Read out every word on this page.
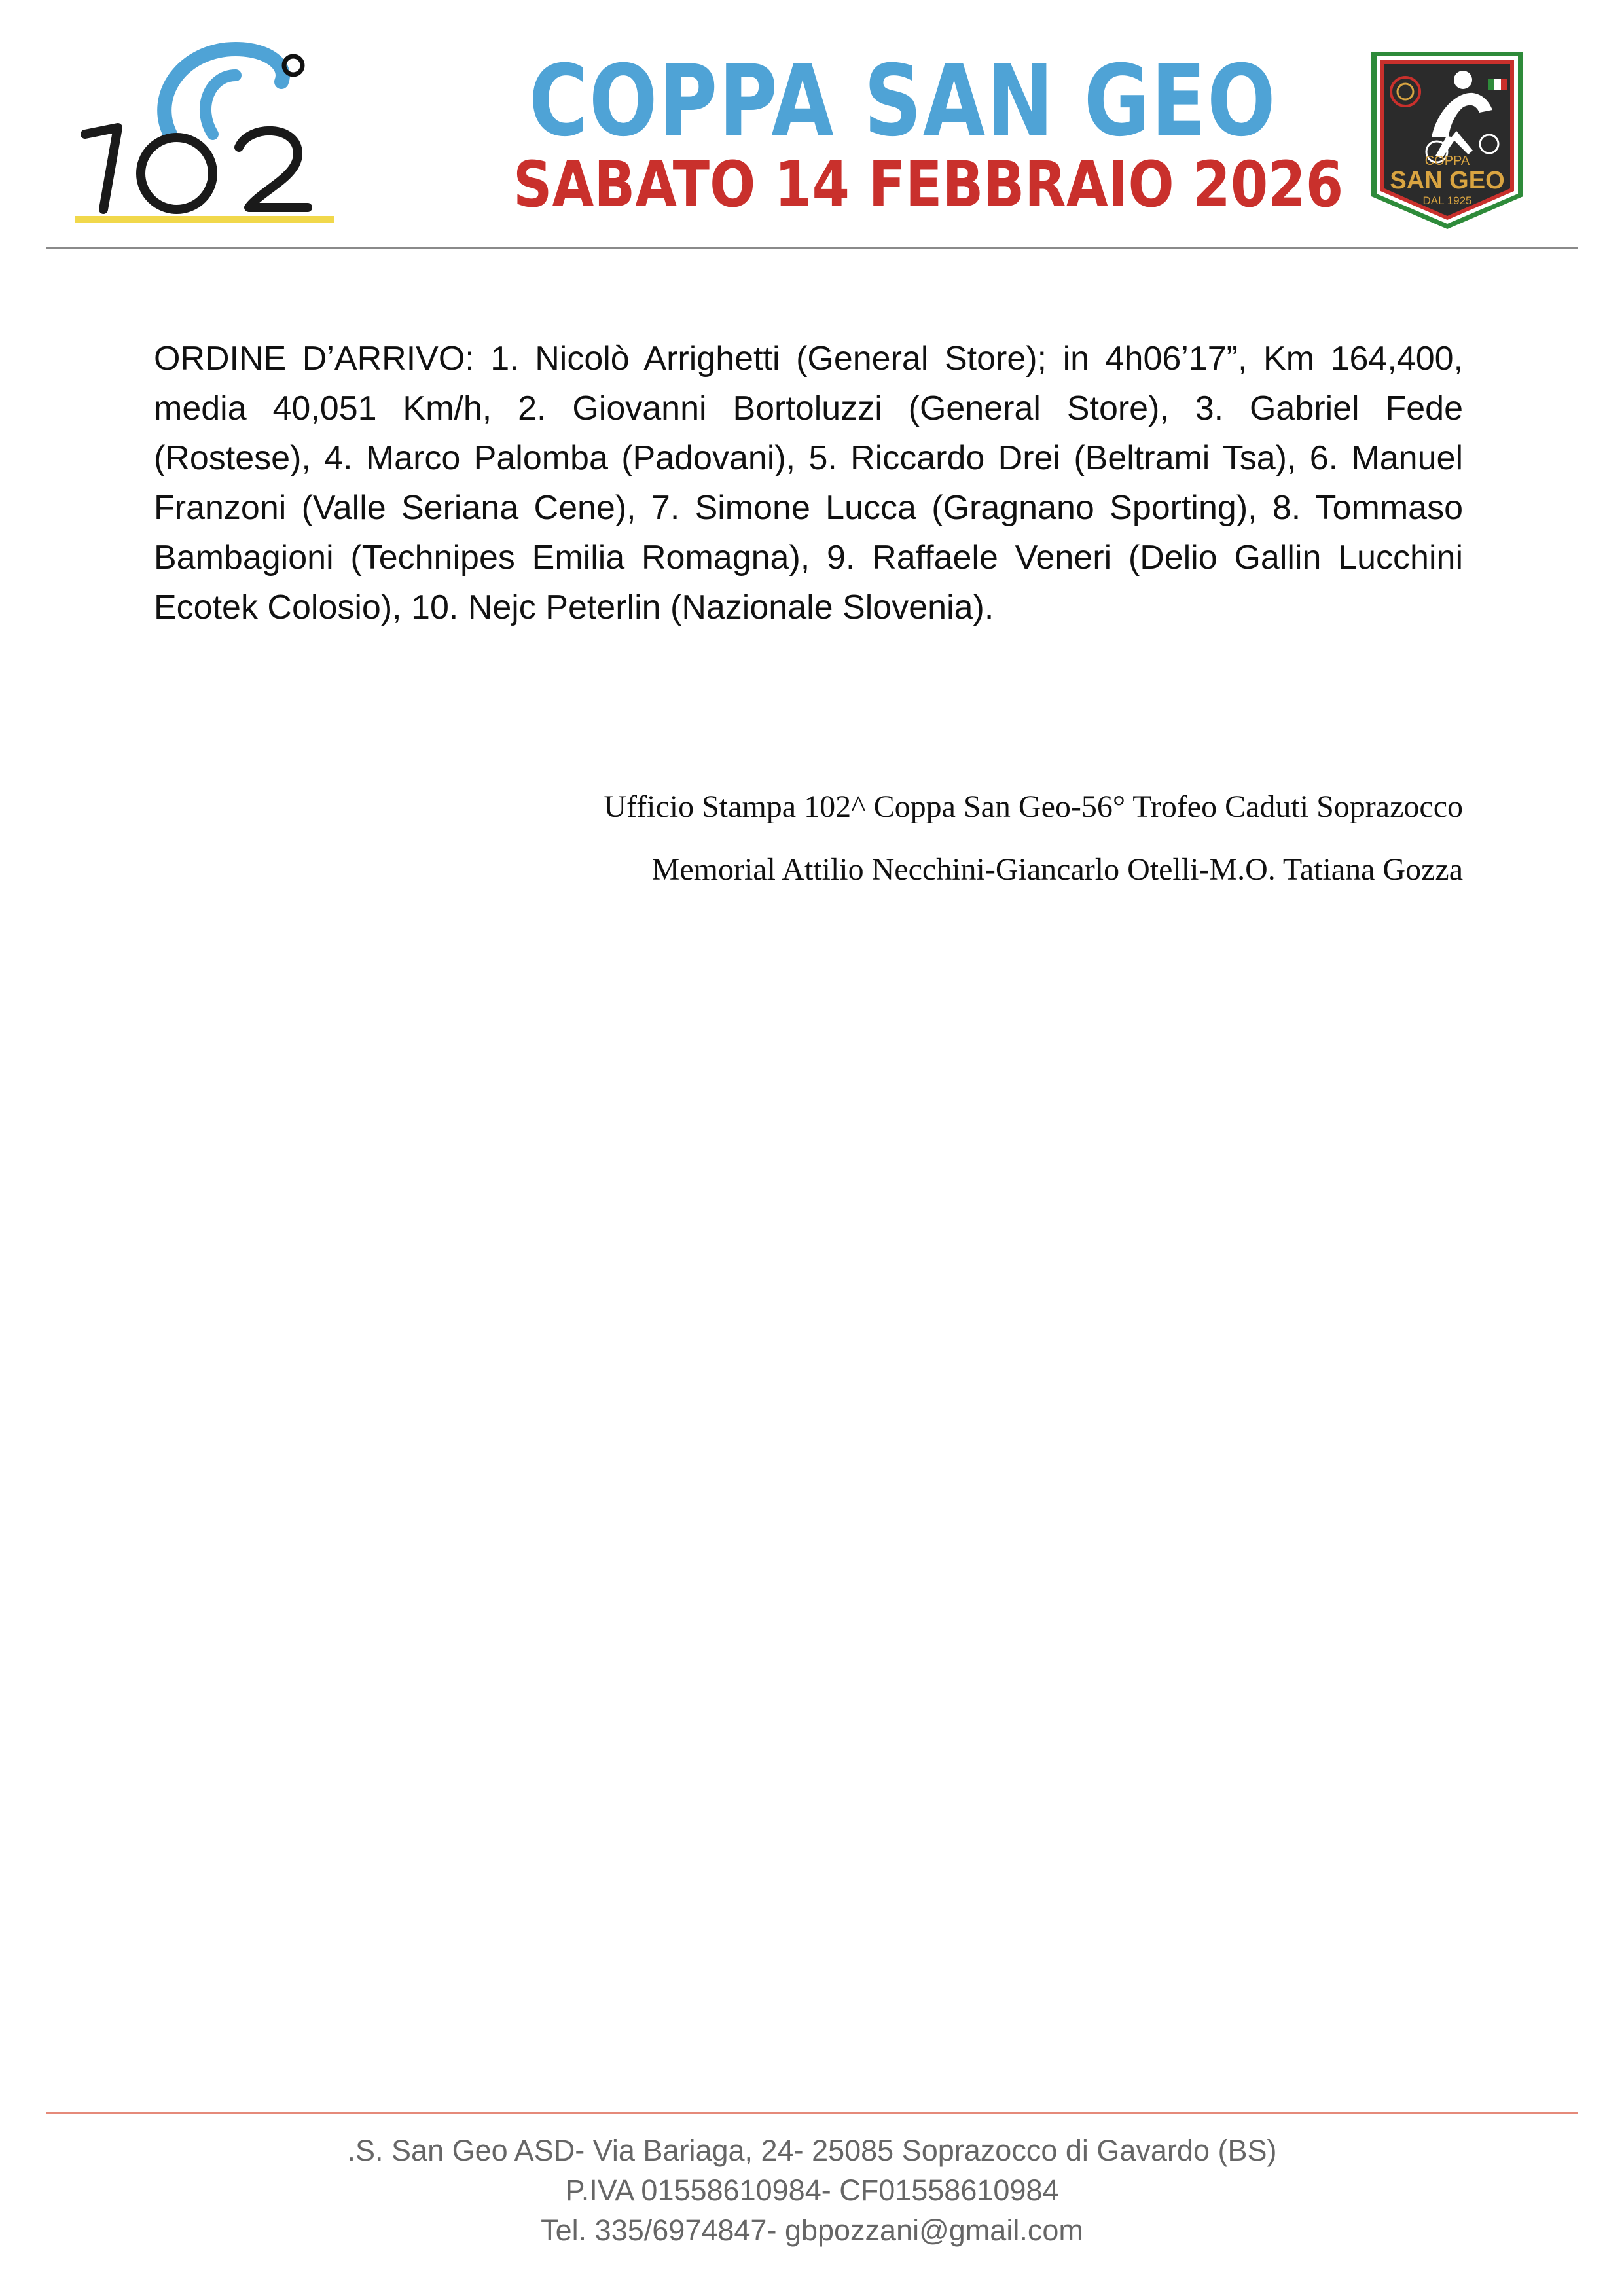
102
COPPA SAN GEO
SABATO 14 FEBBRAIO 2026	COPPA
SAN GEO
DAL 1925
ORDINE D’ARRIVO: 1. Nicolò Arrighetti (General Store); in 4h06’17”, Km 164,400, media 40,051 Km/h, 2. Giovanni Bortoluzzi (General Store), 3. Gabriel Fede (Rostese), 4. Marco Palomba (Padovani), 5. Riccardo Drei (Beltrami Tsa), 6. Manuel Franzoni (Valle Seriana Cene), 7. Simone Lucca (Gragnano Sporting), 8. Tommaso Bambagioni (Technipes Emilia Romagna), 9. Raffaele Veneri (Delio Gallin Lucchini Ecotek Colosio), 10. Nejc Peterlin (Nazionale Slovenia).
Ufficio Stampa 102^ Coppa San Geo-56° Trofeo Caduti Soprazocco
Memorial Attilio Necchini-Giancarlo Otelli-M.O. Tatiana Gozza
.S. San Geo ASD- Via Bariaga, 24- 25085 Soprazocco di Gavardo (BS)
P.IVA 01558610984- CF01558610984
Tel. 335/6974847- gbpozzani@gmail.com
